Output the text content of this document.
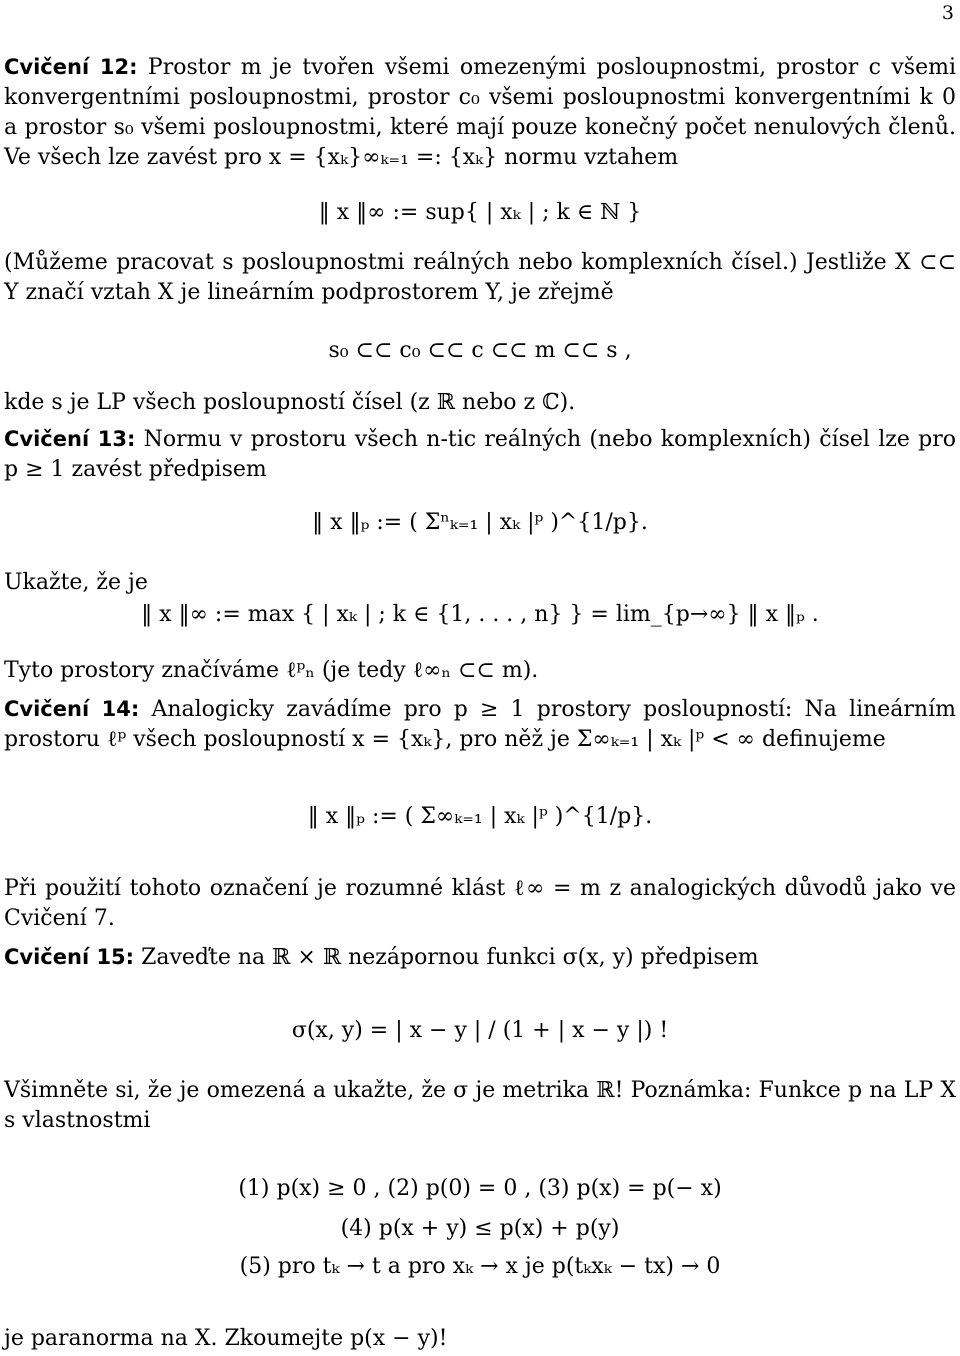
3
Cvičení 12: Prostor m je tvořen všemi omezenými posloupnostmi, prostor c všemi konvergentními posloupnostmi, prostor c₀ všemi posloupnostmi konvergentními k 0 a prostor s₀ všemi posloupnostmi, které mají pouze konečný počet nenulových členů. Ve všech lze zavést pro x = {xₖ}∞ₖ₌₁ =: {xₖ} normu vztahem
‖ x ‖∞ := sup{ | xₖ | ; k ∈ ℕ }
(Můžeme pracovat s posloupnostmi reálných nebo komplexních čísel.) Jestliže X ⊂⊂ Y značí vztah X je lineárním podprostorem Y, je zřejmě
s₀ ⊂⊂ c₀ ⊂⊂ c ⊂⊂ m ⊂⊂ s ,
kde s je LP všech posloupností čísel (z ℝ nebo z ℂ).
Cvičení 13: Normu v prostoru všech n-tic reálných (nebo komplexních) čísel lze pro p ≥ 1 zavést předpisem
‖ x ‖ₚ := ( Σⁿₖ₌₁ | xₖ |ᵖ )^{1/p}.
Ukažte, že je
‖ x ‖∞ := max { | xₖ | ; k ∈ {1, . . . , n} } = lim_{p→∞} ‖ x ‖ₚ .
Tyto prostory značíváme ℓᵖₙ (je tedy ℓ∞ₙ ⊂⊂ m).
Cvičení 14: Analogicky zavádíme pro p ≥ 1 prostory posloupností: Na lineárním prostoru ℓᵖ všech posloupností x = {xₖ}, pro něž je Σ∞ₖ₌₁ | xₖ |ᵖ < ∞ definujeme
‖ x ‖ₚ := ( Σ∞ₖ₌₁ | xₖ |ᵖ )^{1/p}.
Při použití tohoto označení je rozumné klást ℓ∞ = m z analogických důvodů jako ve Cvičení 7.
Cvičení 15: Zaveďte na ℝ × ℝ nezápornou funkci σ(x, y) předpisem
σ(x, y) = | x − y | / (1 + | x − y |) !
Všimněte si, že je omezená a ukažte, že σ je metrika ℝ! Poznámka: Funkce p na LP X s vlastnostmi
(1) p(x) ≥ 0 , (2) p(0) = 0 , (3) p(x) = p(− x)
(4) p(x + y) ≤ p(x) + p(y)
(5) pro tₖ → t a pro xₖ → x je p(tₖxₖ − tx) → 0
je paranorma na X. Zkoumejte p(x − y)!
